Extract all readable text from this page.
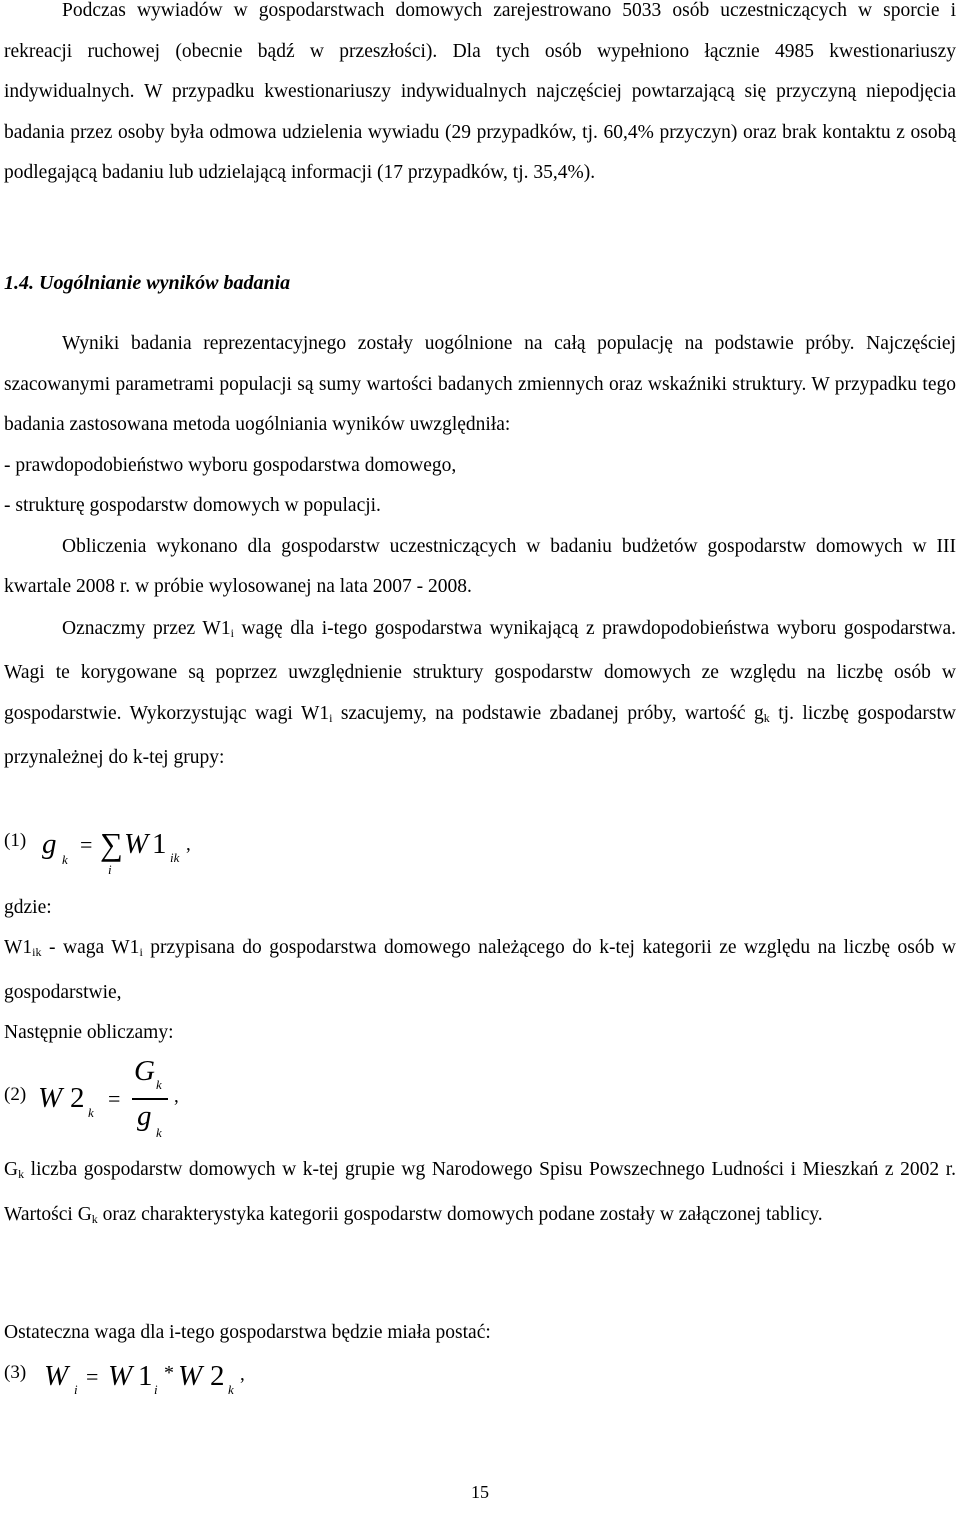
Podczas wywiadów w gospodarstwach domowych zarejestrowano 5033 osób uczestniczących w sporcie i rekreacji ruchowej (obecnie bądź w przeszłości). Dla tych osób wypełniono łącznie 4985 kwestionariuszy indywidualnych. W przypadku kwestionariuszy indywidualnych najczęściej powtarzającą się przyczyną niepodjęcia badania przez osoby była odmowa udzielenia wywiadu (29 przypadków, tj. 60,4% przyczyn) oraz brak kontaktu z osobą podlegającą badaniu lub udzielającą informacji (17 przypadków, tj. 35,4%).

1.4. Uogólnianie wyników badania

Wyniki badania reprezentacyjnego zostały uogólnione na całą populację na podstawie próby. Najczęściej szacowanymi parametrami populacji są sumy wartości badanych zmiennych oraz wskaźniki struktury. W przypadku tego badania zastosowana metoda uogólniania wyników uwzględniła:

- prawdopodobieństwo wyboru gospodarstwa domowego,

- strukturę gospodarstw domowych w populacji.

Obliczenia wykonano dla gospodarstw uczestniczących w badaniu budżetów gospodarstw domowych w III kwartale 2008 r. w próbie wylosowanej na lata 2007 - 2008.

Oznaczmy przez $W1_i$ wagę dla i-tego gospodarstwa wynikającą z prawdopodobieństwa wyboru gospodarstwa. Wagi te korygowane są poprzez uwzględnienie struktury gospodarstw domowych ze względu na liczbę osób w gospodarstwie. Wykorzystując wagi $W1_i$ szacujemy, na podstawie zbadanej próby, wartość $g_k$ tj. liczbę gospodarstw przynależnej do k-tej grupy:

(1) g k
= ∑
i
W 1 ik
,

gdzie:

$W1_{ik}$ - waga $W1_i$ przypisana do gospodarstwa domowego należącego do k-tej kategorii ze względu na liczbę osób w gospodarstwie,

Następnie obliczamy:

(2) W 2 k
=
G k
g
k
,

$G_k$ liczba gospodarstw domowych w k-tej grupie wg Narodowego Spisu Powszechnego Ludności i Mieszkań z 2002 r. Wartości $G_k$ oraz charakterystyka kategorii gospodarstw domowych podane zostały w załączonej tablicy.

Ostateczna waga dla i-tego gospodarstwa będzie miała postać:

(3) W i
= W 1 i
* W 2 k
,
15
